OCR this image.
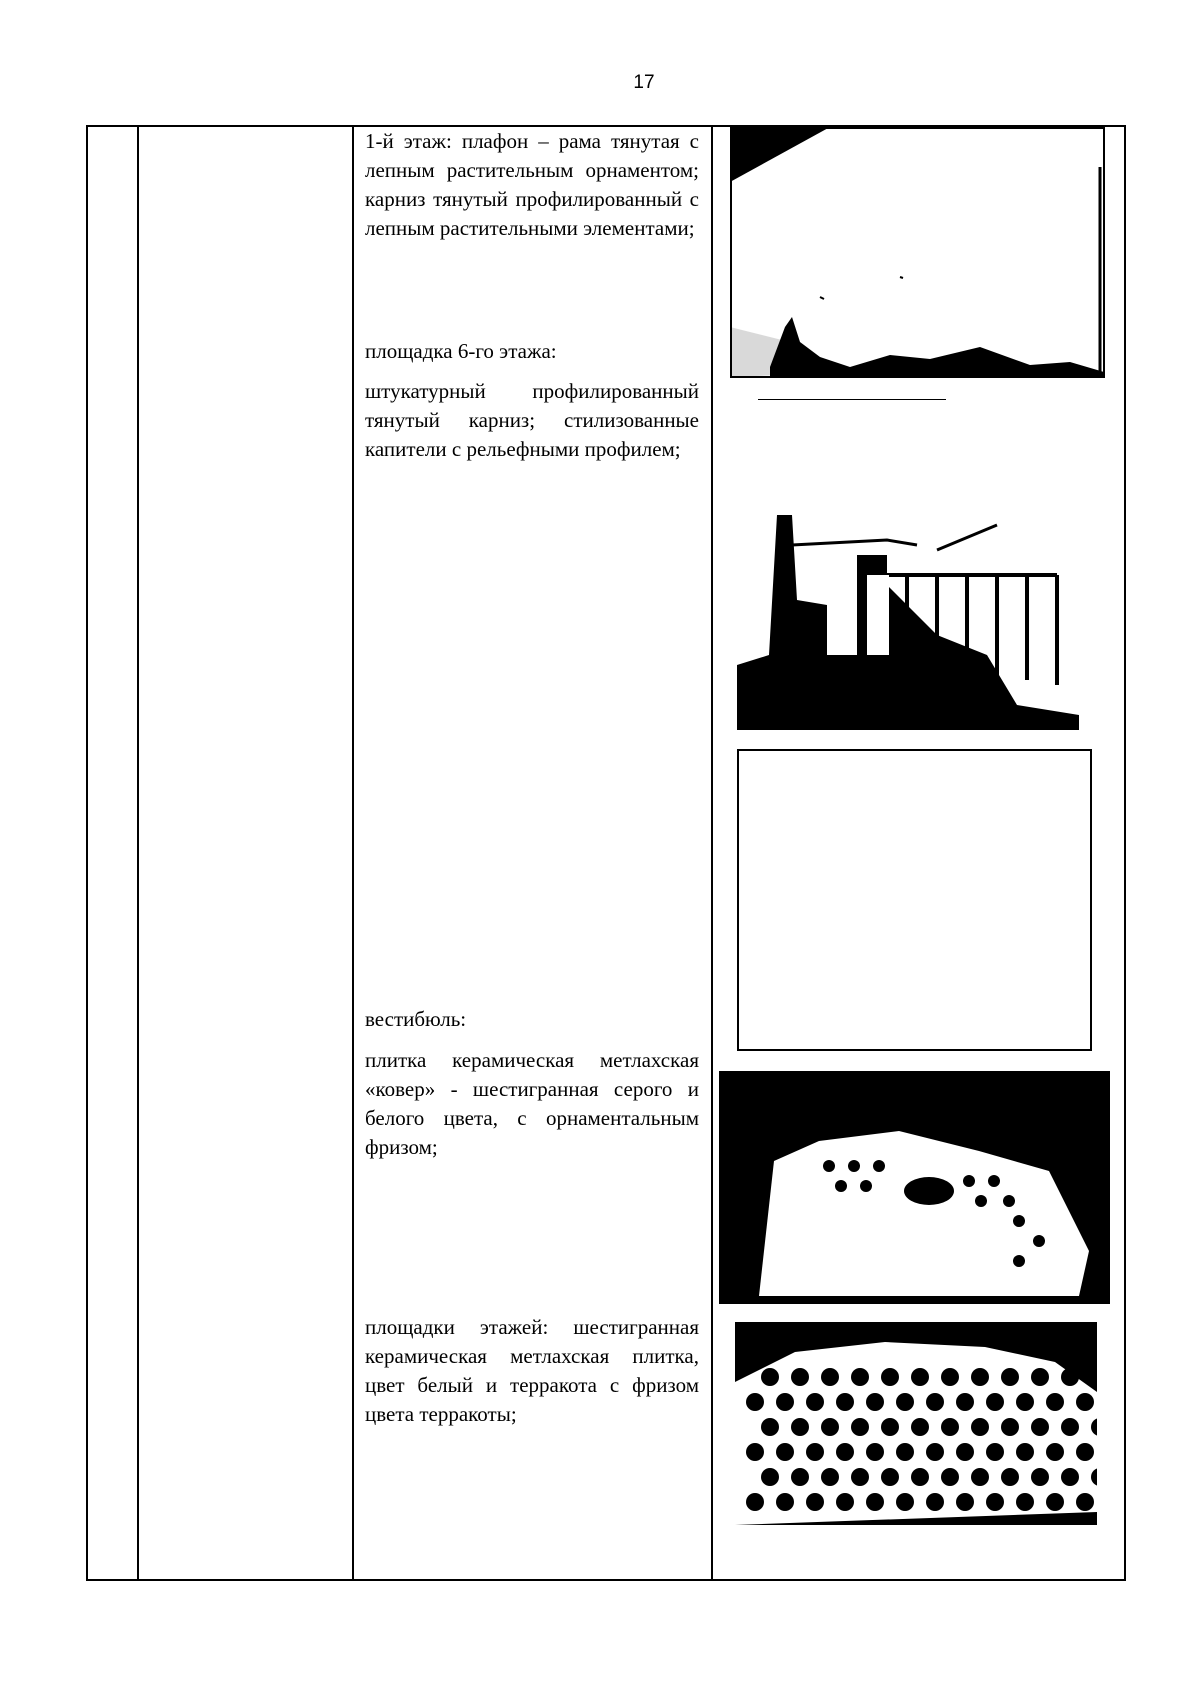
17
1-й этаж: плафон – рама тянутая с лепным растительным орнаментом; карниз тянутый профилированный с лепным растительными элементами;
площадка 6-го этажа:
штукатурный профилированный тянутый карниз; стилизованные капители с рельефными профилем;
вестибюль:
плитка керамическая метлахская «ковер» - шестигранная серого и белого цвета, с орнаментальным фризом;
площадки этажей: шестигранная керамическая метлахская плитка, цвет белый и терракота с фризом цвета терракоты;
